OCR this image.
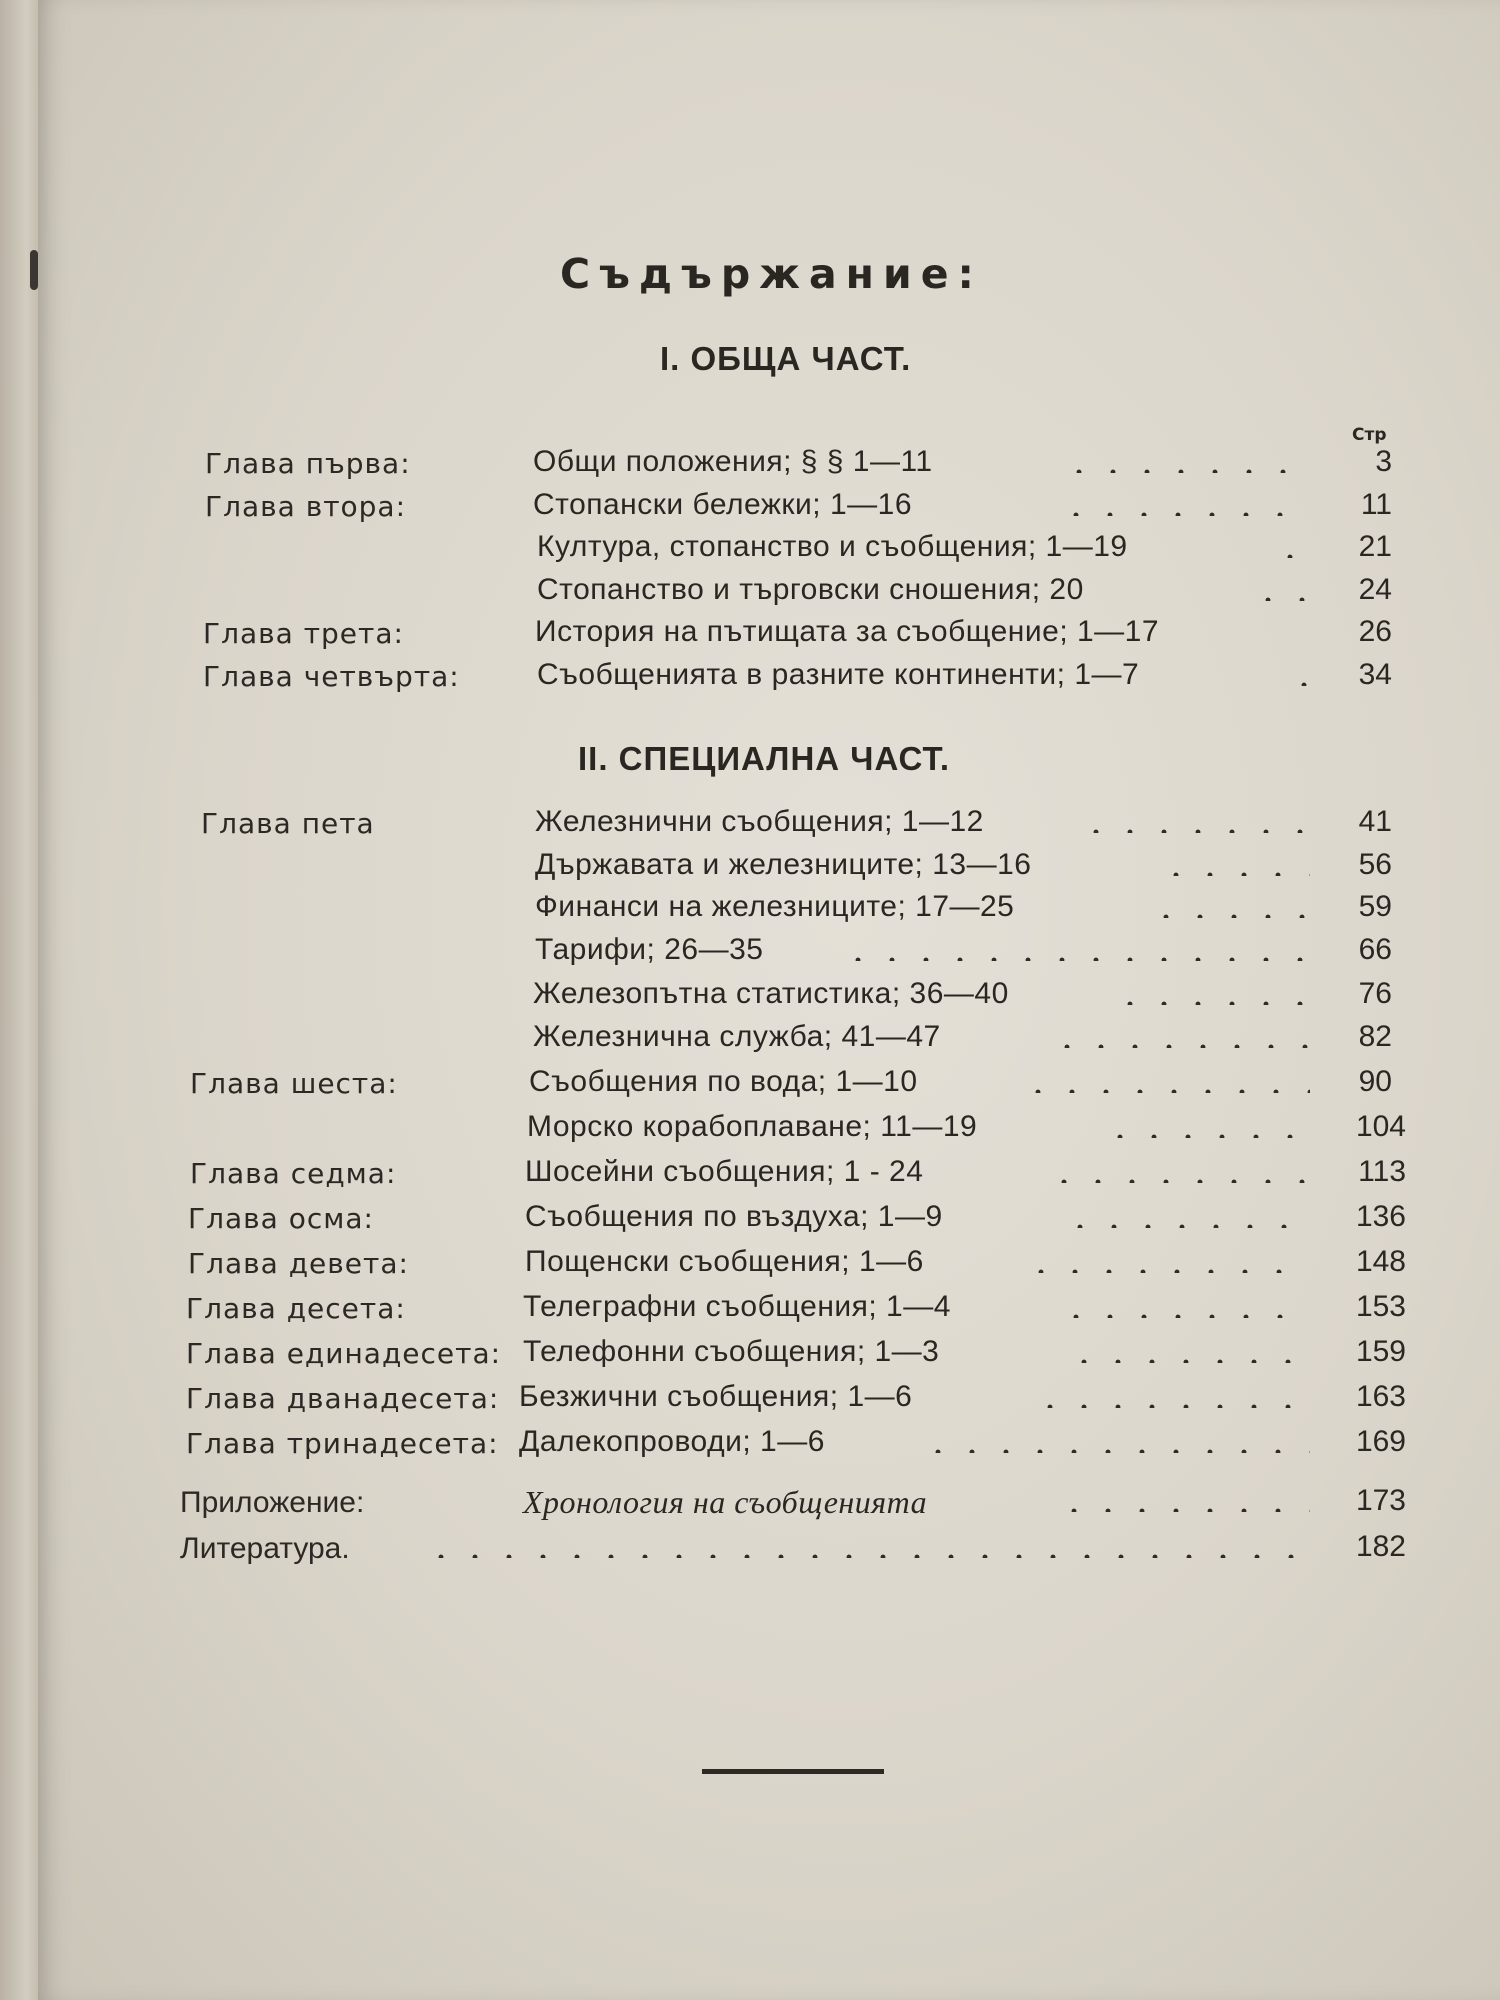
Съдържание:
I. ОБЩА ЧАСТ.
II. СПЕЦИАЛНА ЧАСТ.
Стр
Глава първа:	Общи положения; § § 1—11	3
Глава втора:	Стопански бележки; 1—16	11
Култура, стопанство и съобщения; 1—19	21
Стопанство и търговски сношения; 20	24
Глава трета:	История на пътищата за съобщение; 1—17	26
Глава четвърта:	Съобщенията в разните континенти; 1—7	34
Глава пета	Железнични съобщения; 1—12	41
Държавата и железниците; 13—16	56
Финанси на железниците; 17—25	59
Тарифи; 26—35	66
Железопътна статистика; 36—40	76
Железнична служба; 41—47	82
Глава шеста:	Съобщения по вода; 1—10	90
Морско корабоплаване; 11—19	104
Глава седма:	Шосейни съобщения; 1 - 24	113
Глава осма:	Съобщения по въздуха; 1—9	136
Глава девета:	Пощенски съобщения; 1—6	148
Глава десета:	Телеграфни съобщения; 1—4	153
Глава единадесета: Телефонни съобщения; 1—3	159
Глава дванадесета: Безжични съобщения; 1—6	163
Глава тринадесета: Далекопроводи; 1—6	169
Приложение:	Хронология на съобщенията	173
Литература.	182
